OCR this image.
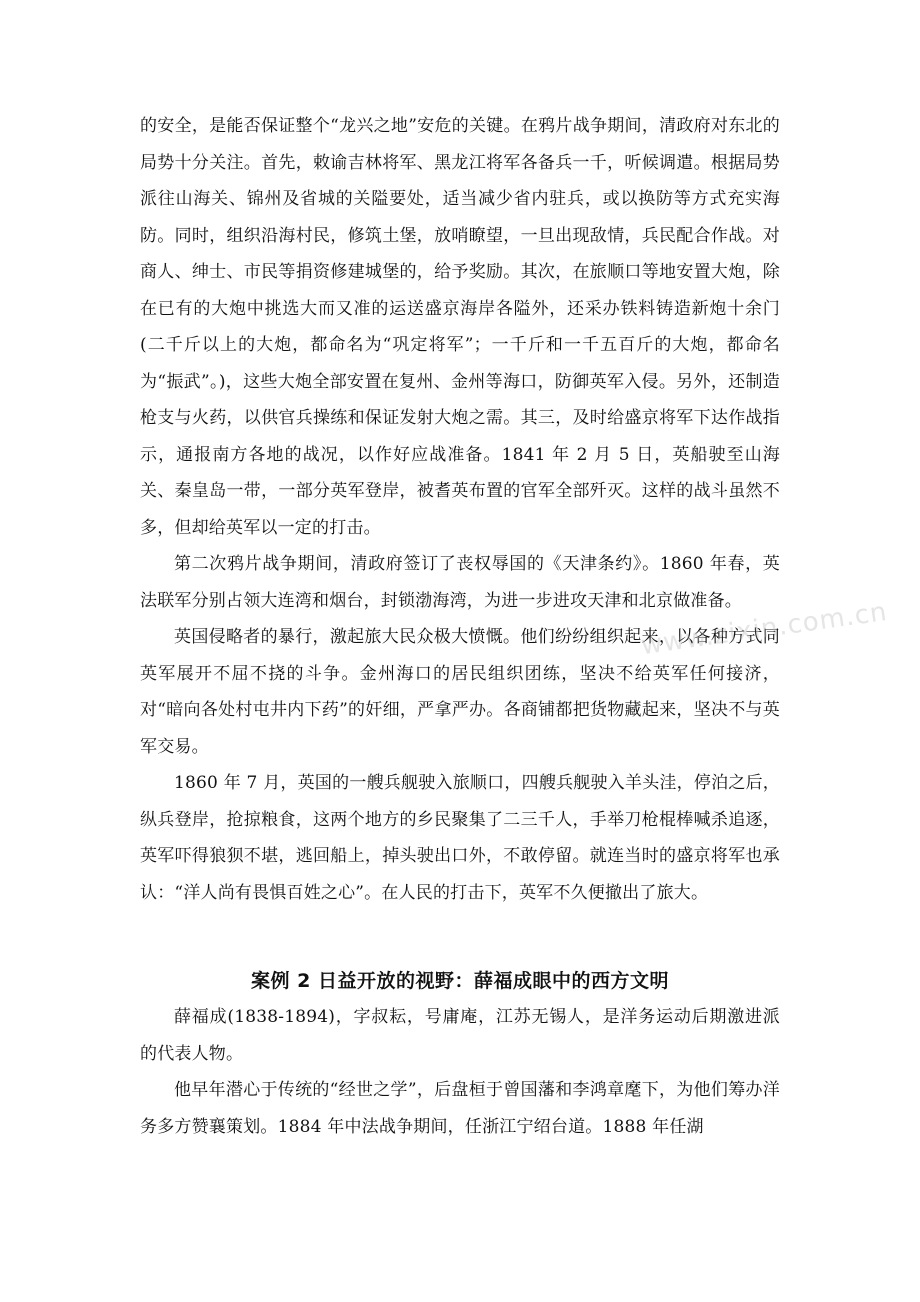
的安全，是能否保证整个“龙兴之地”安危的关键。在鸦片战争期间，清政府对东北的局势十分关注。首先，敕谕吉林将军、黑龙江将军各备兵一千，听候调遣。根据局势派往山海关、锦州及省城的关隘要处，适当减少省内驻兵，或以换防等方式充实海防。同时，组织沿海村民，修筑土堡，放哨瞭望，一旦出现敌情，兵民配合作战。对商人、绅士、市民等捐资修建城堡的，给予奖励。其次，在旅顺口等地安置大炮，除在已有的大炮中挑选大而又准的运送盛京海岸各隘外，还采办铁料铸造新炮十余门(二千斤以上的大炮，都命名为“巩定将军”；一千斤和一千五百斤的大炮，都命名为“振武”。)，这些大炮全部安置在复州、金州等海口，防御英军入侵。另外，还制造枪支与火药，以供官兵操练和保证发射大炮之需。其三，及时给盛京将军下达作战指示，通报南方各地的战况，以作好应战准备。1841 年 2 月 5 日，英船驶至山海关、秦皇岛一带，一部分英军登岸，被耆英布置的官军全部歼灭。这样的战斗虽然不多，但却给英军以一定的打击。

第二次鸦片战争期间，清政府签订了丧权辱国的《天津条约》。1860 年春，英法联军分别占领大连湾和烟台，封锁渤海湾，为进一步进攻天津和北京做准备。

英国侵略者的暴行，激起旅大民众极大愤慨。他们纷纷组织起来，以各种方式同英军展开不屈不挠的斗争。金州海口的居民组织团练，坚决不给英军任何接济，对“暗向各处村屯井内下药”的奸细，严拿严办。各商铺都把货物藏起来，坚决不与英军交易。

1860 年 7 月，英国的一艘兵舰驶入旅顺口，四艘兵舰驶入羊头洼，停泊之后，纵兵登岸，抢掠粮食，这两个地方的乡民聚集了二三千人，手举刀枪棍棒喊杀追逐，英军吓得狼狈不堪，逃回船上，掉头驶出口外，不敢停留。就连当时的盛京将军也承认：“洋人尚有畏惧百姓之心”。在人民的打击下，英军不久便撤出了旅大。

案例 2 日益开放的视野：薛福成眼中的西方文明

薛福成(1838-1894)，字叔耘，号庸庵，江苏无锡人，是洋务运动后期激进派的代表人物。

他早年潜心于传统的“经世之学”，后盘桓于曾国藩和李鸿章麾下，为他们筹办洋务多方赞襄策划。1884 年中法战争期间，任浙江宁绍台道。1888 年任湖

www.zixin.com.cn
